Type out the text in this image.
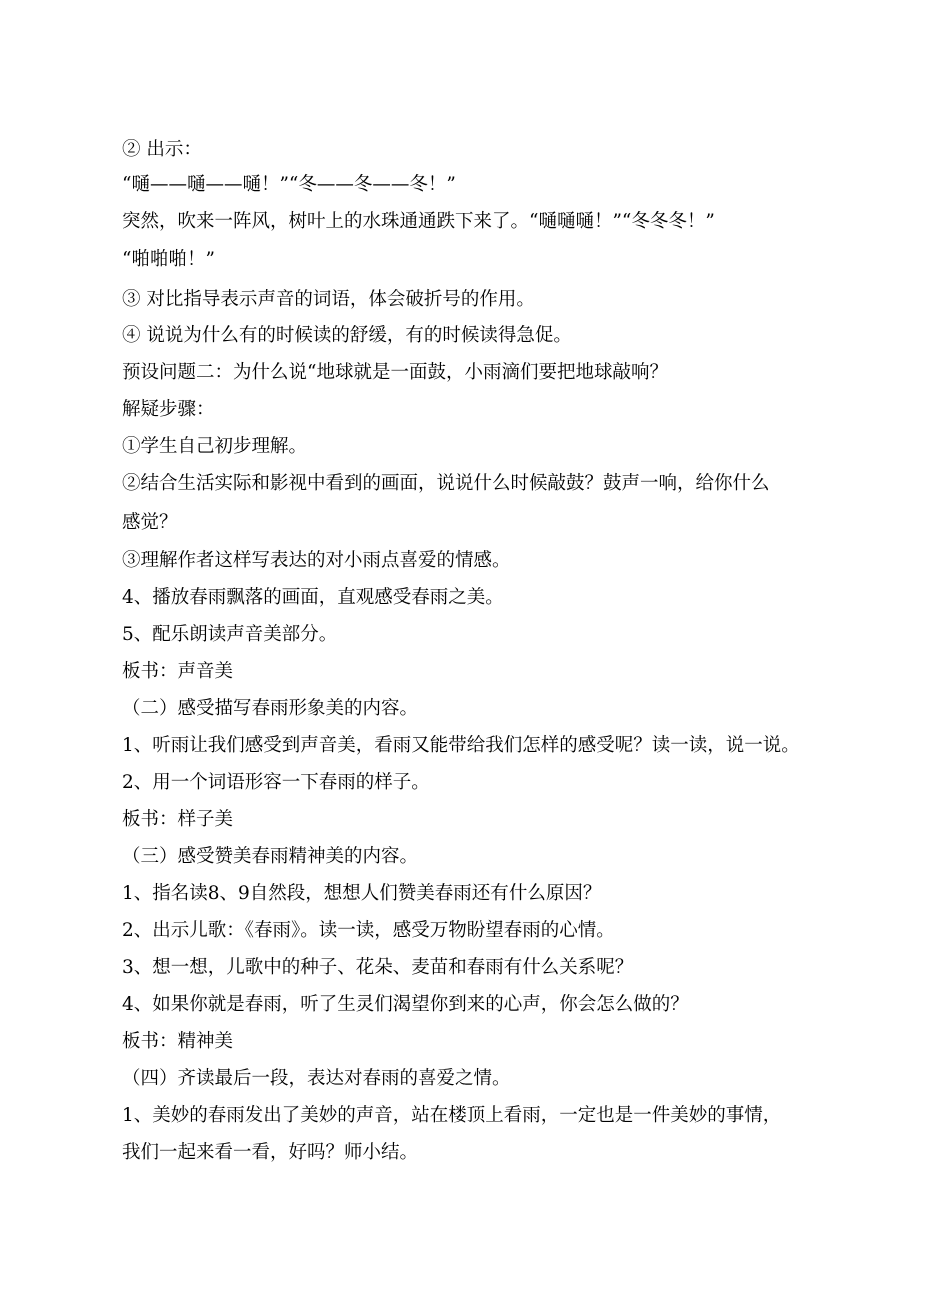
② 出示：
“嗵——嗵——嗵！”“冬——冬——冬！”
突然，吹来一阵风，树叶上的水珠通通跌下来了。“嗵嗵嗵！”“冬冬冬！”
“啪啪啪！”
③ 对比指导表示声音的词语，体会破折号的作用。
④ 说说为什么有的时候读的舒缓，有的时候读得急促。
预设问题二：为什么说“地球就是一面鼓，小雨滴们要把地球敲响？
解疑步骤：
①学生自己初步理解。
②结合生活实际和影视中看到的画面，说说什么时候敲鼓？鼓声一响，给你什么
感觉？
③理解作者这样写表达的对小雨点喜爱的情感。
4、播放春雨飘落的画面，直观感受春雨之美。
5、配乐朗读声音美部分。
板书：声音美
（二）感受描写春雨形象美的内容。
1、听雨让我们感受到声音美，看雨又能带给我们怎样的感受呢？读一读，说一说。
2、用一个词语形容一下春雨的样子。
板书：样子美
（三）感受赞美春雨精神美的内容。
1、指名读8、9自然段，想想人们赞美春雨还有什么原因？
2、出示儿歌：《春雨》。读一读，感受万物盼望春雨的心情。
3、想一想，儿歌中的种子、花朵、麦苗和春雨有什么关系呢？
4、如果你就是春雨，听了生灵们渴望你到来的心声，你会怎么做的？
板书：精神美
（四）齐读最后一段，表达对春雨的喜爱之情。
1、美妙的春雨发出了美妙的声音，站在楼顶上看雨，一定也是一件美妙的事情，
我们一起来看一看，好吗？师小结。
